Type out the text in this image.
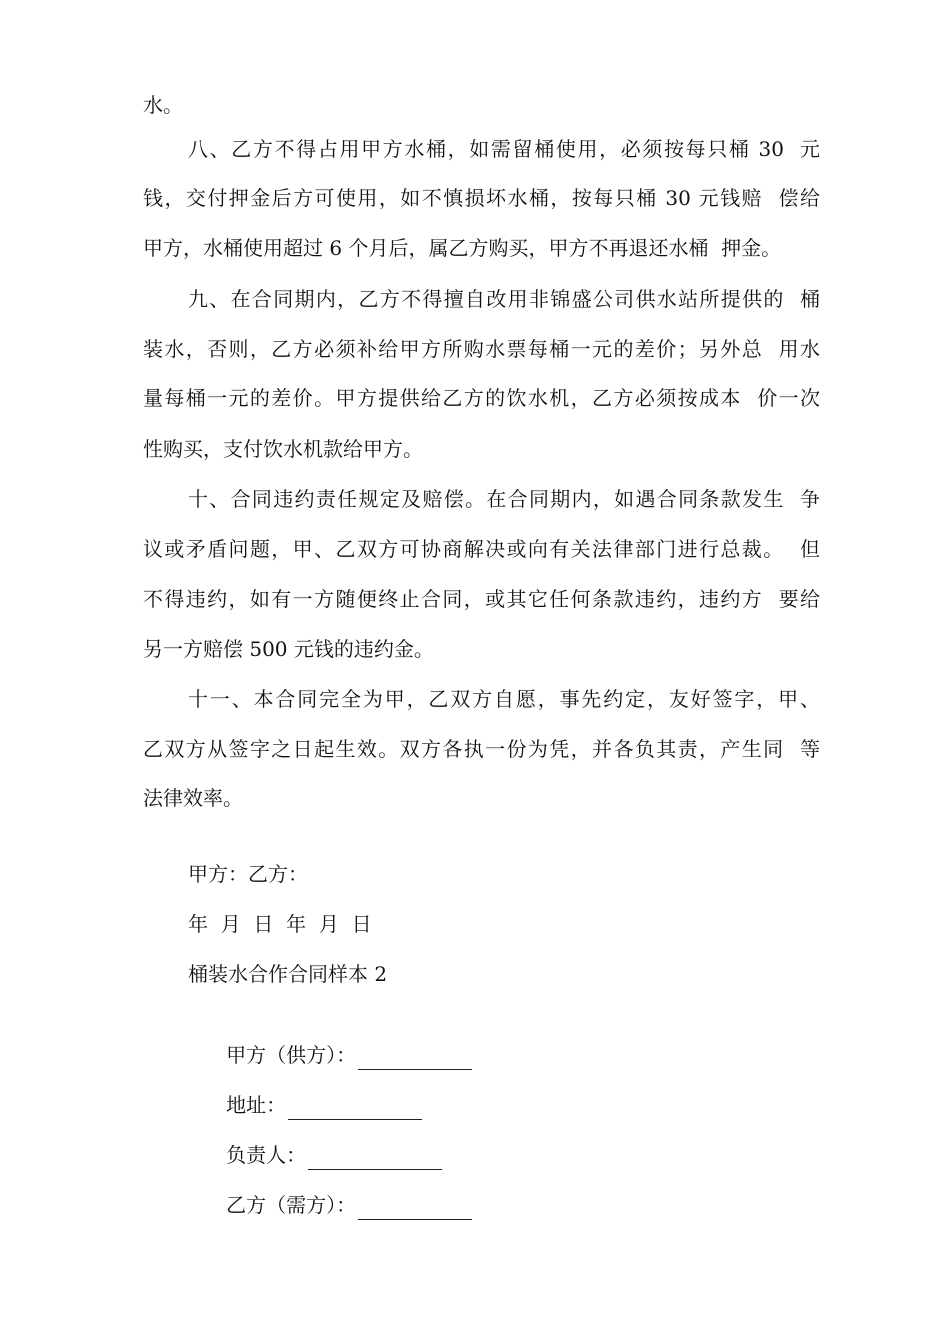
水。

八、乙方不得占用甲方水桶，如需留桶使用，必须按每只桶 30  元

钱，交付押金后方可使用，如不慎损坏水桶，按每只桶 30 元钱赔  偿给

甲方，水桶使用超过 6 个月后，属乙方购买，甲方不再退还水桶  押金。

九、在合同期内，乙方不得擅自改用非锦盛公司供水站所提供的  桶

装水，否则，乙方必须补给甲方所购水票每桶一元的差价；另外总  用水

量每桶一元的差价。甲方提供给乙方的饮水机，乙方必须按成本  价一次

性购买，支付饮水机款给甲方。

十、合同违约责任规定及赔偿。在合同期内，如遇合同条款发生  争

议或矛盾问题，甲、乙双方可协商解决或向有关法律部门进行总裁。  但

不得违约，如有一方随便终止合同，或其它任何条款违约，违约方  要给

另一方赔偿 500 元钱的违约金。

十一、本合同完全为甲，乙双方自愿，事先约定，友好签字，甲、

乙双方从签字之日起生效。双方各执一份为凭，并各负其责，产生同  等

法律效率。

甲方：乙方：

年  月  日  年  月  日

桶装水合作合同样本 2

甲方（供方）：

地址：

负责人：

乙方（需方）：
